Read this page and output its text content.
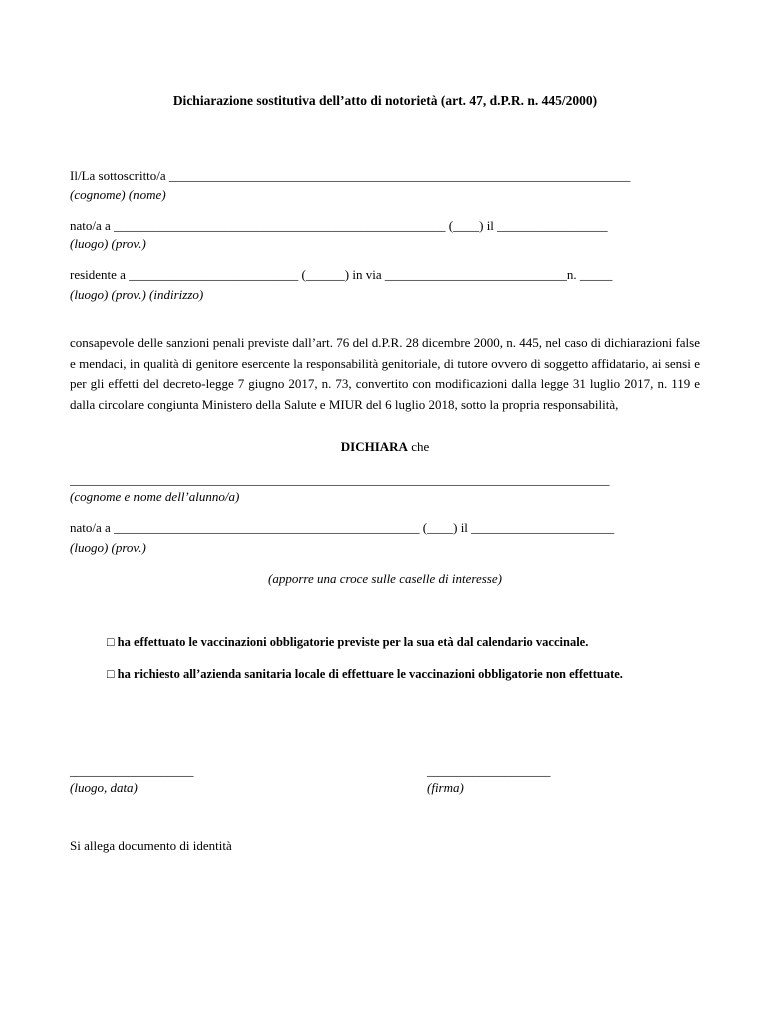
Dichiarazione sostitutiva dell’atto di notorietà (art. 47, d.P.R. n. 445/2000)
Il/La sottoscritto/a _______________________________________________________________________
(cognome) (nome)
nato/a a ___________________________________________________ (____) il _________________
(luogo) (prov.)
residente a __________________________ (______) in via ____________________________n. _____
(luogo) (prov.) (indirizzo)
consapevole delle sanzioni penali previste dall’art. 76 del d.P.R. 28 dicembre 2000, n. 445, nel caso di dichiarazioni false e mendaci, in qualità di genitore esercente la responsabilità genitoriale, di tutore ovvero di soggetto affidatario, ai sensi e per gli effetti del decreto-legge 7 giugno 2017, n. 73, convertito con modificazioni dalla legge 31 luglio 2017, n. 119 e dalla circolare congiunta Ministero della Salute e MIUR del 6 luglio 2018, sotto la propria responsabilità,
DICHIARA che
___________________________________________________________________________________
(cognome e nome dell’alunno/a)
nato/a a _______________________________________________ (____) il ______________________
(luogo) (prov.)
(apporre una croce sulle caselle di interesse)
□ ha effettuato le vaccinazioni obbligatorie previste per la sua età dal calendario vaccinale.
□ ha richiesto all’azienda sanitaria locale di effettuare le vaccinazioni obbligatorie non effettuate.
___________________
(luogo, data)
___________________
(firma)
Si allega documento di identità
